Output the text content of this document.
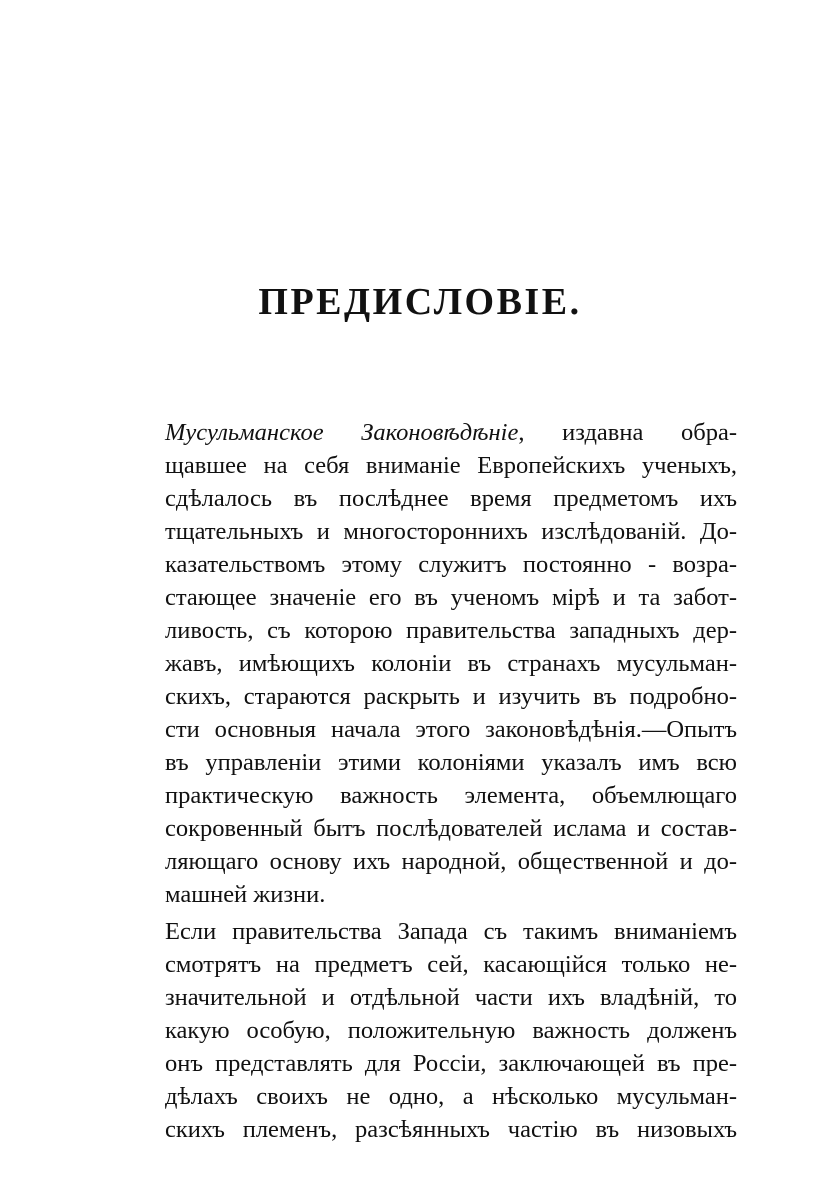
ПРЕДИСЛОВІЕ.
Мусульманское Законовѣдѣніе, издавна обра-
щавшее на себя вниманіе Европейскихъ ученыхъ,
сдѣлалось въ послѣднее время предметомъ ихъ
тщательныхъ и многостороннихъ изслѣдованій. До-
казательствомъ этому служитъ постоянно - возра-
стающее значеніе его въ ученомъ мірѣ и та забот-
ливость, съ которою правительства западныхъ дер-
жавъ, имѣющихъ колоніи въ странахъ мусульман-
скихъ, стараются раскрыть и изучить въ подробно-
сти основныя начала этого законовѣдѣнія.—Опытъ
въ управленіи этими колоніями указалъ имъ всю
практическую важность элемента, объемлющаго
сокровенный бытъ послѣдователей ислама и состав-
ляющаго основу ихъ народной, общественной и до-
машней жизни.
Если правительства Запада съ такимъ вниманіемъ
смотрятъ на предметъ сей, касающійся только не-
значительной и отдѣльной части ихъ владѣній, то
какую особую, положительную важность долженъ
онъ представлять для Россіи, заключающей въ пре-
дѣлахъ своихъ не одно, а нѣсколько мусульман-
скихъ племенъ, разсѣянныхъ частію въ низовыхъ
